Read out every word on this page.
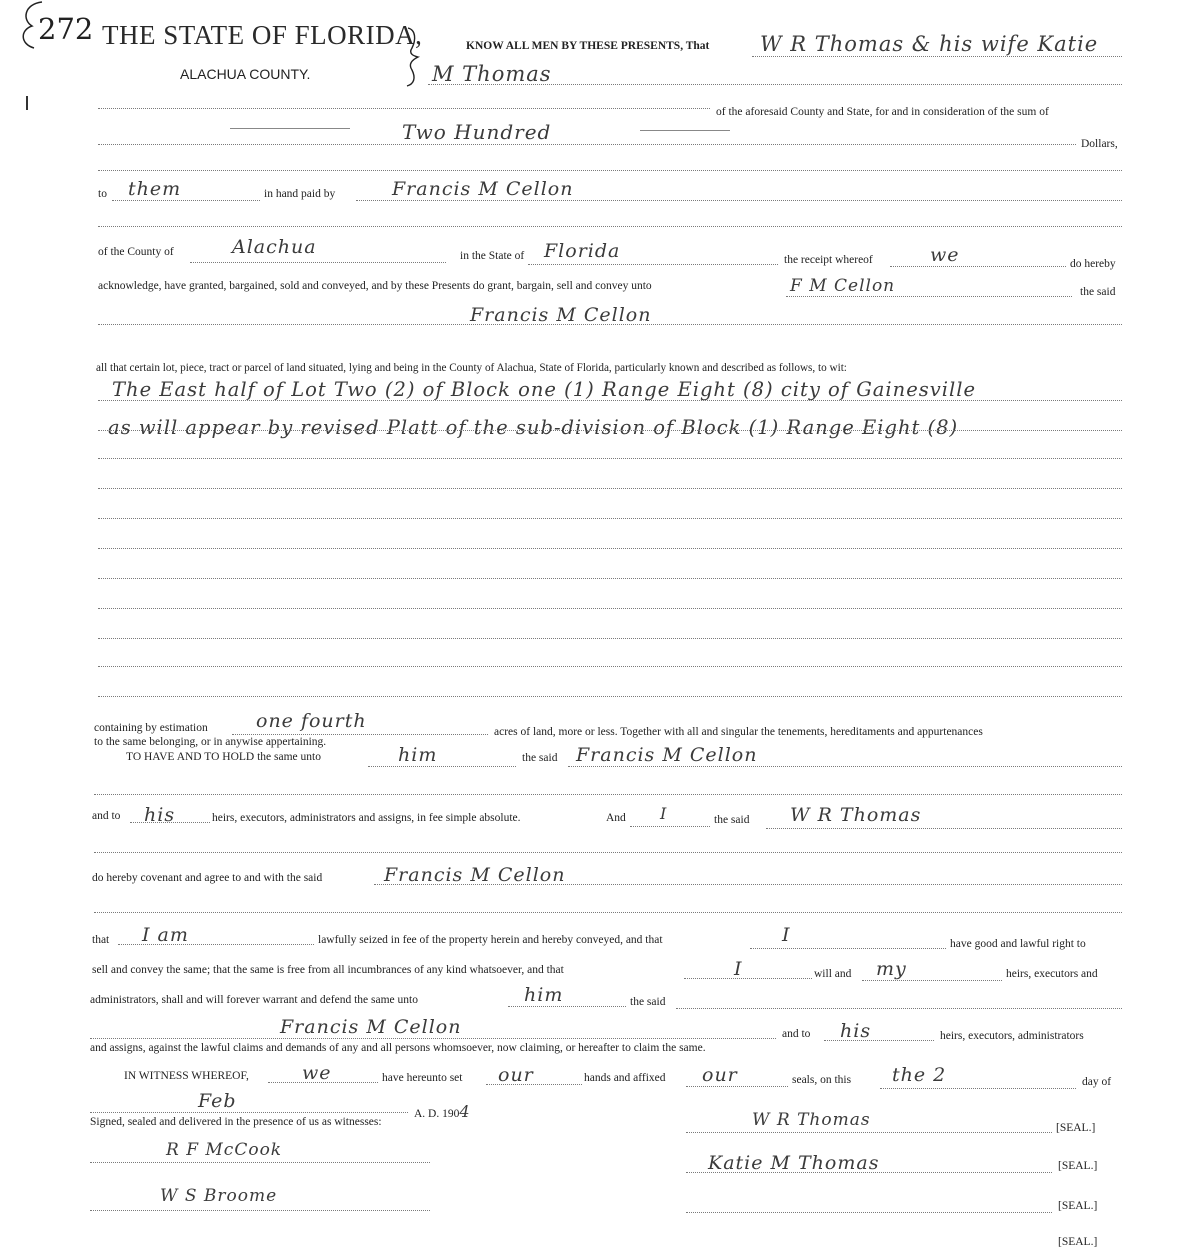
272 THE STATE OF FLORIDA,
ALACHUA COUNTY.
KNOW ALL MEN BY THESE PRESENTS, That W R Thomas & his wife Katie
M Thomas
of the aforesaid County and State, for and in consideration of the sum of
Two Hundred	Dollars,
to them	in hand paid by	Francis M Cellon
of the County of	Alachua	in the State of Florida	the receipt whereof	we	do hereby
acknowledge, have granted, bargained, sold and conveyed, and by these Presents do grant, bargain, sell and convey unto	F M Cellon	the said
Francis M Cellon
all that certain lot, piece, tract or parcel of land situated, lying and being in the County of Alachua, State of Florida, particularly known and described as follows, to wit:
The East half of Lot Two (2) of Block one (1) Range Eight (8) city of Gainesville
as will appear by revised Platt of the sub-division of Block (1) Range Eight (8)
containing by estimation	one fourth	acres of land, more or less. Together with all and singular the tenements, hereditaments and appurtenances
to the same belonging, or in anywise appertaining.
TO HAVE AND TO HOLD the same unto	him	the said Francis M Cellon
and to his	heirs, executors, administrators and assigns, in fee simple absolute.	And I	the said W R Thomas
do hereby covenant and agree to and with the said	Francis M Cellon
that I am	lawfully seized in fee of the property herein and hereby conveyed, and that	I	have good and lawful right to
sell and convey the same; that the same is free from all incumbrances of any kind whatsoever, and that	I	will and my	heirs, executors and
administrators, shall and will forever warrant and defend the same unto	him	the said
Francis M Cellon	and to his	heirs, executors, administrators
and assigns, against the lawful claims and demands of any and all persons whomsoever, now claiming, or hereafter to claim the same.
IN WITNESS WHEREOF,	we	have hereunto set our	hands and affixed our	seals, on this the 2	day of
Feb
A. D. 1904
Signed, sealed and delivered in the presence of us as witnesses:
R F McCook
W S Broome
W R Thomas	[SEAL.]
Katie M Thomas	[SEAL.]
[SEAL.]
[SEAL.]
